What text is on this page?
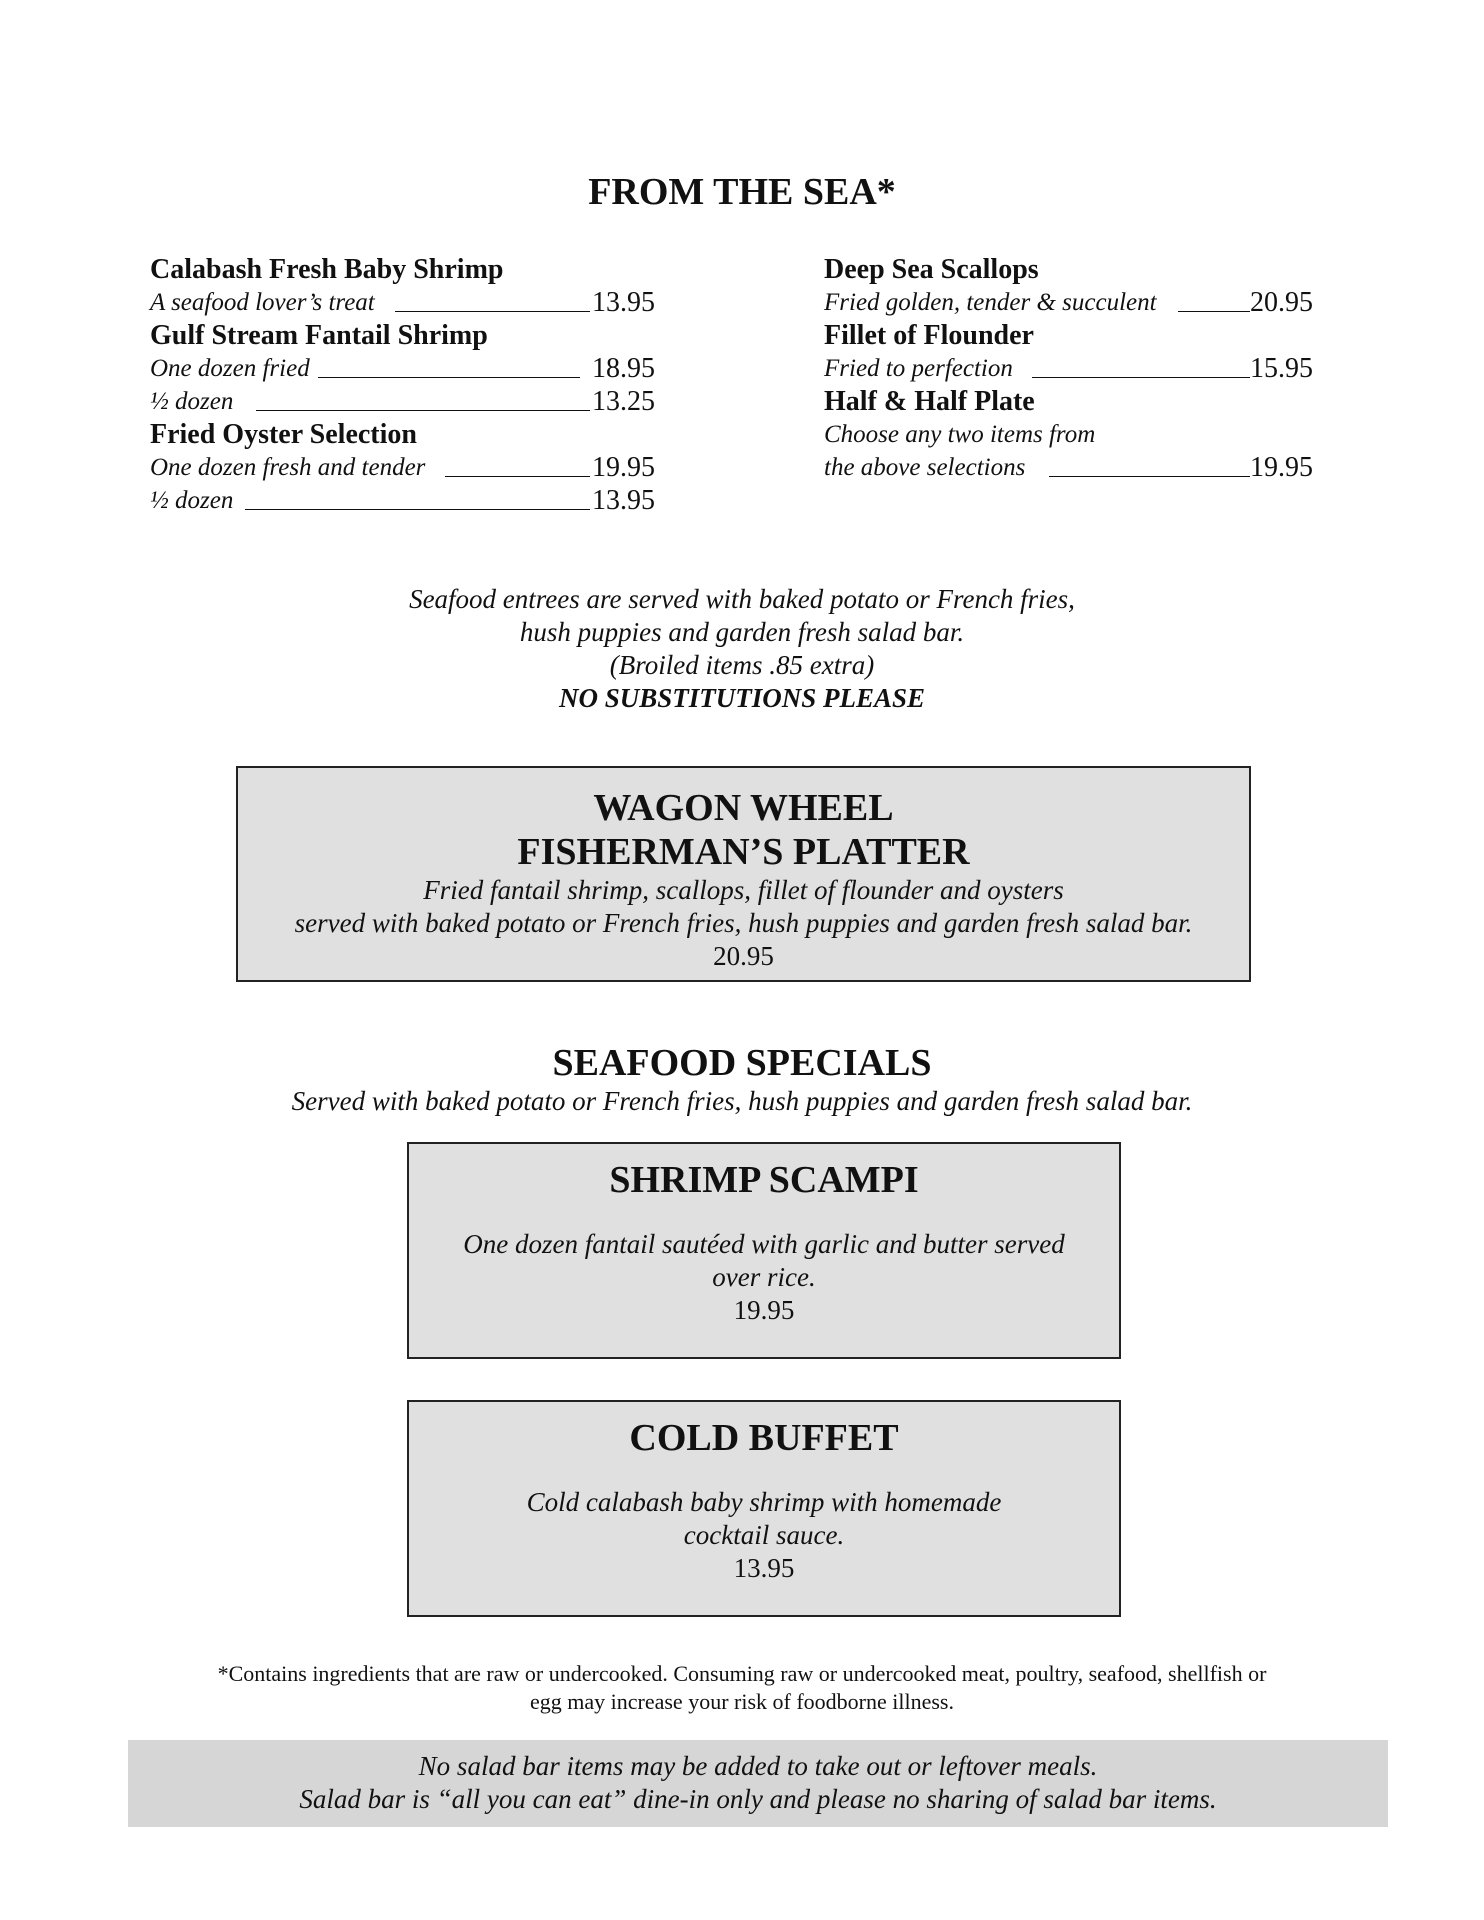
FROM THE SEA*
Calabash Fresh Baby Shrimp
A seafood lover’s treat	13.95
Gulf Stream Fantail Shrimp
One dozen fried	18.95
½ dozen	13.25
Fried Oyster Selection
One dozen fresh and tender	19.95
½ dozen	13.95
Deep Sea Scallops
Fried golden, tender & succulent	20.95
Fillet of Flounder
Fried to perfection	15.95
Half & Half Plate
Choose any two items from
the above selections	19.95
Seafood entrees are served with baked potato or French fries,
hush puppies and garden fresh salad bar.
(Broiled items .85 extra)
NO SUBSTITUTIONS PLEASE
WAGON WHEEL
FISHERMAN’S PLATTER
Fried fantail shrimp, scallops, fillet of flounder and oysters
served with baked potato or French fries, hush puppies and garden fresh salad bar.
20.95
SEAFOOD SPECIALS
Served with baked potato or French fries, hush puppies and garden fresh salad bar.
SHRIMP SCAMPI
One dozen fantail sautéed with garlic and butter served
over rice.
19.95
COLD BUFFET
Cold calabash baby shrimp with homemade
cocktail sauce.
13.95
*Contains ingredients that are raw or undercooked. Consuming raw or undercooked meat, poultry, seafood, shellfish or
egg may increase your risk of foodborne illness.
No salad bar items may be added to take out or leftover meals.
Salad bar is “all you can eat” dine-in only and please no sharing of salad bar items.
